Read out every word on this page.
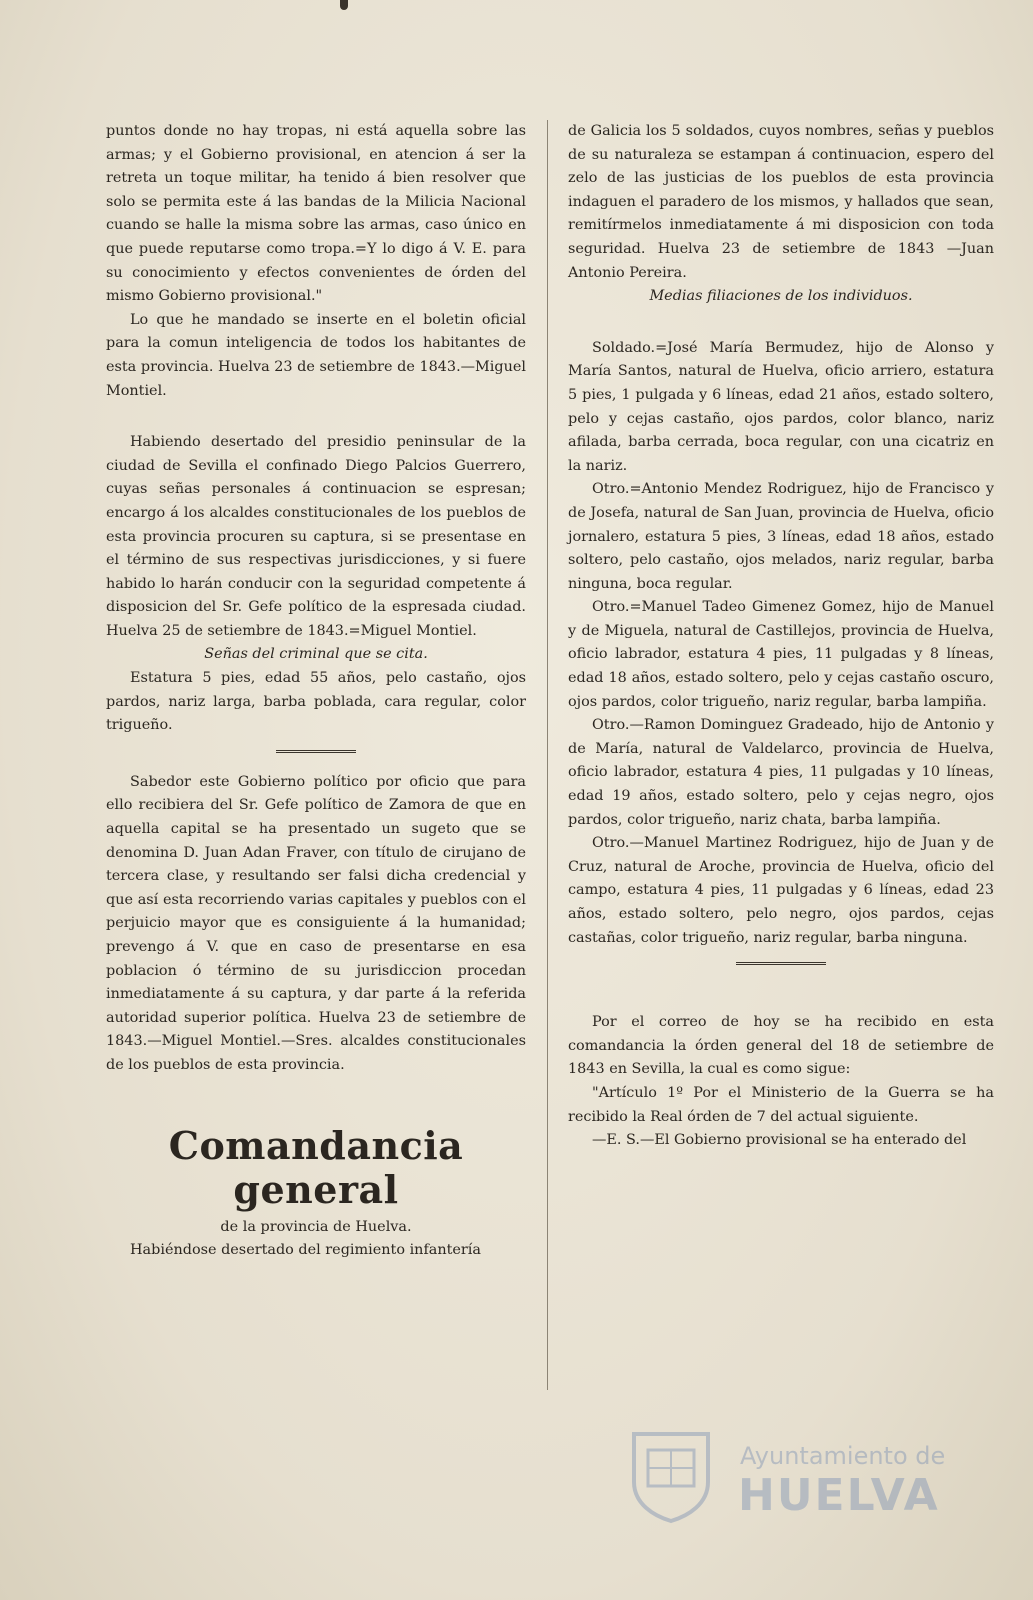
puntos donde no hay tropas, ni está aquella sobre las armas; y el Gobierno provisional, en atencion á ser la retreta un toque militar, ha tenido á bien resolver que solo se permita este á las bandas de la Milicia Nacional cuando se halle la misma sobre las armas, caso único en que puede reputarse como tropa.=Y lo digo á V. E. para su conocimiento y efectos convenientes de órden del mismo Gobierno provisional."

Lo que he mandado se inserte en el boletin oficial para la comun inteligencia de todos los habitantes de esta provincia. Huelva 23 de setiembre de 1843.—Miguel Montiel.

Habiendo desertado del presidio peninsular de la ciudad de Sevilla el confinado Diego Palcios Guerrero, cuyas señas personales á continuacion se espresan; encargo á los alcaldes constitucionales de los pueblos de esta provincia procuren su captura, si se presentase en el término de sus respectivas jurisdicciones, y si fuere habido lo harán conducir con la seguridad competente á disposicion del Sr. Gefe político de la espresada ciudad. Huelva 25 de setiembre de 1843.=Miguel Montiel.

Señas del criminal que se cita.

Estatura 5 pies, edad 55 años, pelo castaño, ojos pardos, nariz larga, barba poblada, cara regular, color trigueño.

Sabedor este Gobierno político por oficio que para ello recibiera del Sr. Gefe político de Zamora de que en aquella capital se ha presentado un sugeto que se denomina D. Juan Adan Fraver, con título de cirujano de tercera clase, y resultando ser falsi dicha credencial y que así esta recorriendo varias capitales y pueblos con el perjuicio mayor que es consiguiente á la humanidad; prevengo á V. que en caso de presentarse en esa poblacion ó término de su jurisdiccion procedan inmediatamente á su captura, y dar parte á la referida autoridad superior política. Huelva 23 de setiembre de 1843.—Miguel Montiel.—Sres. alcaldes constitucionales de los pueblos de esta provincia.

Comandancia general

de la provincia de Huelva.

Habiéndose desertado del regimiento infantería

de Galicia los 5 soldados, cuyos nombres, señas y pueblos de su naturaleza se estampan á continuacion, espero del zelo de las justicias de los pueblos de esta provincia indaguen el paradero de los mismos, y hallados que sean, remitírmelos inmediatamente á mi disposicion con toda seguridad. Huelva 23 de setiembre de 1843 —Juan Antonio Pereira.

Medias filiaciones de los individuos.

Soldado.=José María Bermudez, hijo de Alonso y María Santos, natural de Huelva, oficio arriero, estatura 5 pies, 1 pulgada y 6 líneas, edad 21 años, estado soltero, pelo y cejas castaño, ojos pardos, color blanco, nariz afilada, barba cerrada, boca regular, con una cicatriz en la nariz.

Otro.=Antonio Mendez Rodriguez, hijo de Francisco y de Josefa, natural de San Juan, provincia de Huelva, oficio jornalero, estatura 5 pies, 3 líneas, edad 18 años, estado soltero, pelo castaño, ojos melados, nariz regular, barba ninguna, boca regular.

Otro.=Manuel Tadeo Gimenez Gomez, hijo de Manuel y de Miguela, natural de Castillejos, provincia de Huelva, oficio labrador, estatura 4 pies, 11 pulgadas y 8 líneas, edad 18 años, estado soltero, pelo y cejas castaño oscuro, ojos pardos, color trigueño, nariz regular, barba lampiña.

Otro.—Ramon Dominguez Gradeado, hijo de Antonio y de María, natural de Valdelarco, provincia de Huelva, oficio labrador, estatura 4 pies, 11 pulgadas y 10 líneas, edad 19 años, estado soltero, pelo y cejas negro, ojos pardos, color trigueño, nariz chata, barba lampiña.

Otro.—Manuel Martinez Rodriguez, hijo de Juan y de Cruz, natural de Aroche, provincia de Huelva, oficio del campo, estatura 4 pies, 11 pulgadas y 6 líneas, edad 23 años, estado soltero, pelo negro, ojos pardos, cejas castañas, color trigueño, nariz regular, barba ninguna.

Por el correo de hoy se ha recibido en esta comandancia la órden general del 18 de setiembre de 1843 en Sevilla, la cual es como sigue:

"Artículo 1º Por el Ministerio de la Guerra se ha recibido la Real órden de 7 del actual siguiente.

—E. S.—El Gobierno provisional se ha enterado del

Ayuntamiento de
HUELVA
